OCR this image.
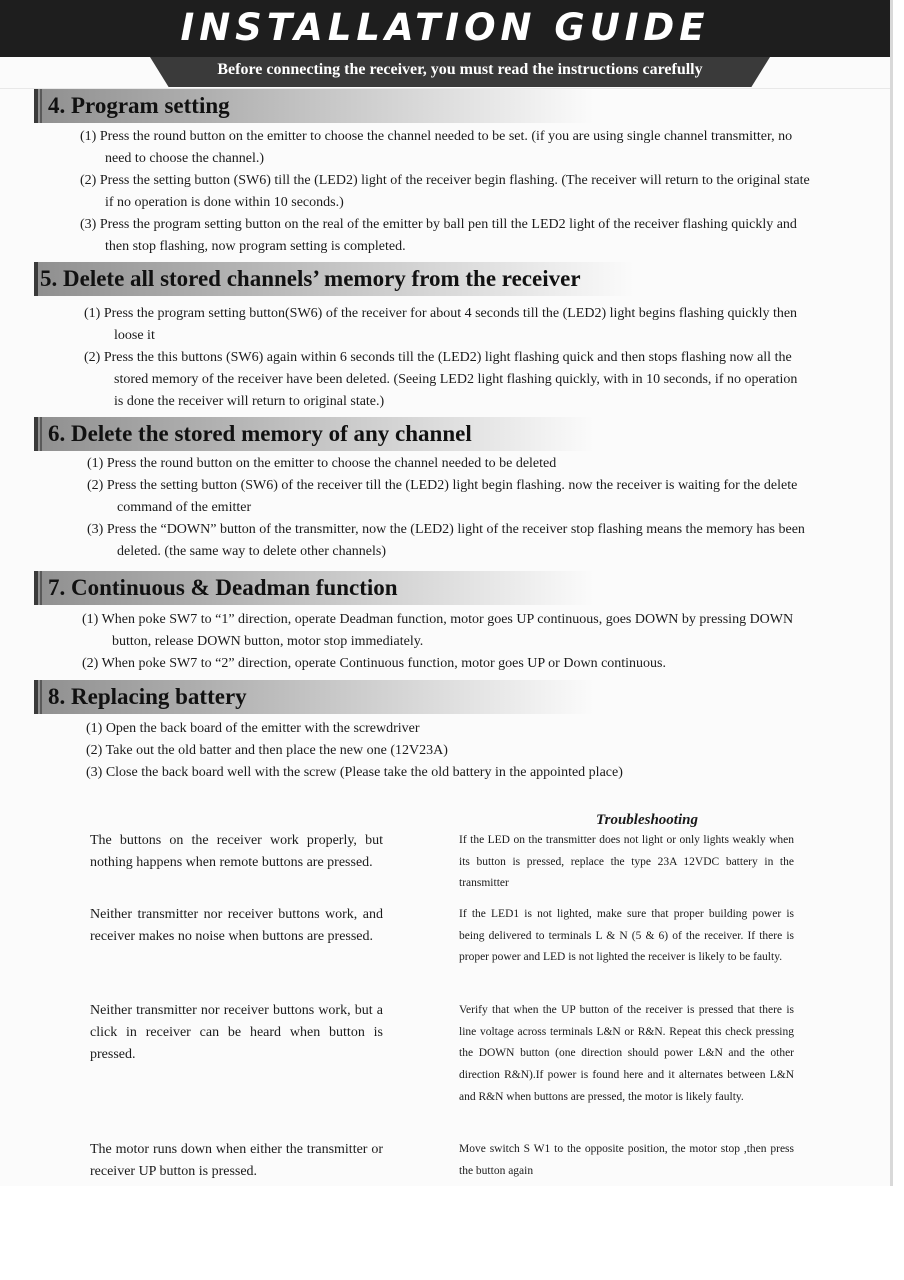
INSTALLATION GUIDE
Before connecting the receiver, you must read the instructions carefully
4. Program setting
(1) Press the round button on the emitter to choose the channel needed to be set. (if you are using single channel transmitter, no need to choose the channel.)
(2) Press the setting button (SW6) till the (LED2) light of the receiver begin flashing. (The receiver will return to the original state if no operation is done within 10 seconds.)
(3) Press the program setting button on the real of the emitter by ball pen till the LED2 light of the receiver flashing quickly and then stop flashing, now program setting is completed.
5. Delete all stored channels’ memory from the receiver
(1) Press the program setting button(SW6) of the receiver for about 4 seconds till the (LED2) light begins flashing quickly then loose it
(2) Press the this buttons (SW6) again within 6 seconds till the (LED2) light flashing quick and then stops flashing now all the stored memory of the receiver have been deleted. (Seeing LED2 light flashing quickly, with in 10 seconds, if no operation is done the receiver will return to original state.)
6. Delete the stored memory of any channel
(1) Press the round button on the emitter to choose the channel needed to be deleted
(2) Press the setting button (SW6) of the receiver till the (LED2) light begin flashing. now the receiver is waiting for the delete command of the emitter
(3) Press the “DOWN” button of the transmitter, now the (LED2) light of the receiver stop flashing means the memory has been deleted. (the same way to delete other channels)
7. Continuous & Deadman function
(1) When poke SW7 to “1” direction, operate Deadman function, motor goes UP continuous, goes DOWN by pressing DOWN button, release DOWN button, motor stop immediately.
(2) When poke SW7 to “2” direction, operate Continuous function, motor goes UP or Down continuous.
8. Replacing battery
(1) Open the back board of the emitter with the screwdriver
(2) Take out the old batter and then place the new one (12V23A)
(3) Close the back board well with the screw (Please take the old battery in the appointed place)
Troubleshooting
The buttons on the receiver work properly, but nothing happens when remote buttons are pressed.
If the LED on the transmitter does not light or only lights weakly when its button is pressed, replace the type 23A 12VDC battery in the transmitter
Neither transmitter nor receiver buttons work, and receiver makes no noise when buttons are pressed.
If the LED1 is not lighted, make sure that proper building power is being delivered to terminals L & N (5 & 6) of the receiver. If there is proper power and LED is not lighted the receiver is likely to be faulty.
Neither transmitter nor receiver buttons work, but a click in receiver can be heard when button is pressed.
Verify that when the UP button of the receiver is pressed that there is line voltage across terminals L&N or R&N. Repeat this check pressing the DOWN button (one direction should power L&N and the other direction R&N).If power is found here and it alternates between L&N and R&N when buttons are pressed, the motor is likely faulty.
The motor runs down when either the transmitter or receiver UP button is pressed.
Move switch S W1 to the opposite position, the motor stop ,then press the button again
